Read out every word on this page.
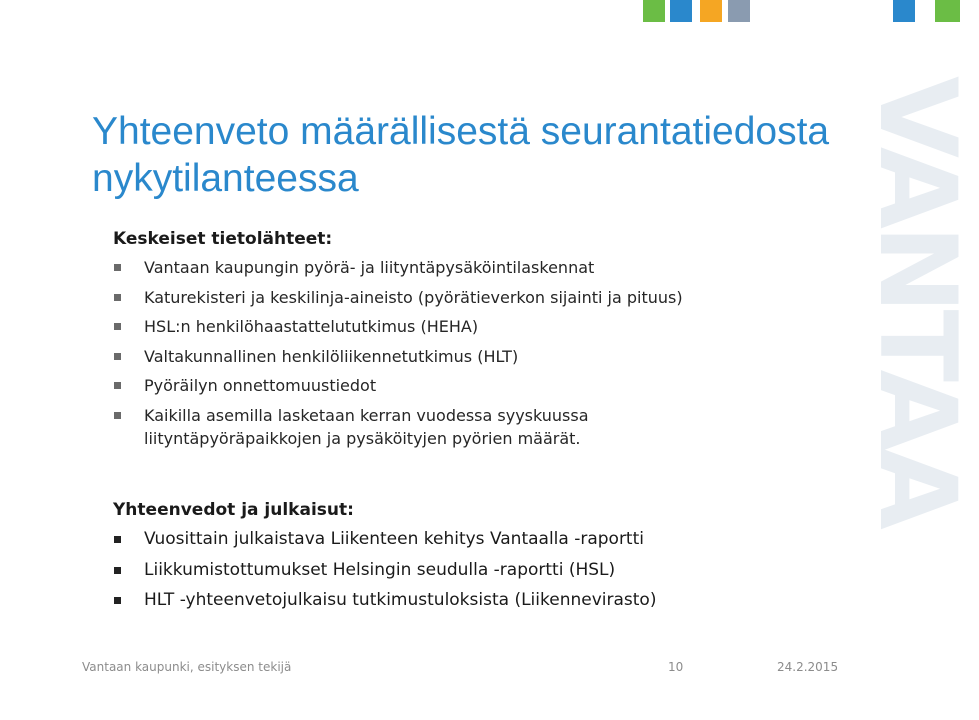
VANTAA
Yhteenveto määrällisestä seurantatiedosta nykytilanteessa
Keskeiset tietolähteet:
Vantaan kaupungin pyörä- ja liityntäpysäköintilaskennat
Katurekisteri ja keskilinja-aineisto (pyörätieverkon sijainti ja pituus)
HSL:n henkilöhaastattelututkimus (HEHA)
Valtakunnallinen henkilöliikennetutkimus (HLT)
Pyöräilyn onnettomuustiedot
Kaikilla asemilla lasketaan kerran vuodessa syyskuussa liityntäpyöräpaikkojen ja pysäköityjen pyörien määrät.
Yhteenvedot ja julkaisut:
Vuosittain julkaistava Liikenteen kehitys Vantaalla -raportti
Liikkumistottumukset Helsingin seudulla -raportti (HSL)
HLT -yhteenvetojulkaisu tutkimustuloksista (Liikennevirasto)
Vantaan kaupunki, esityksen tekijä	10	24.2.2015
